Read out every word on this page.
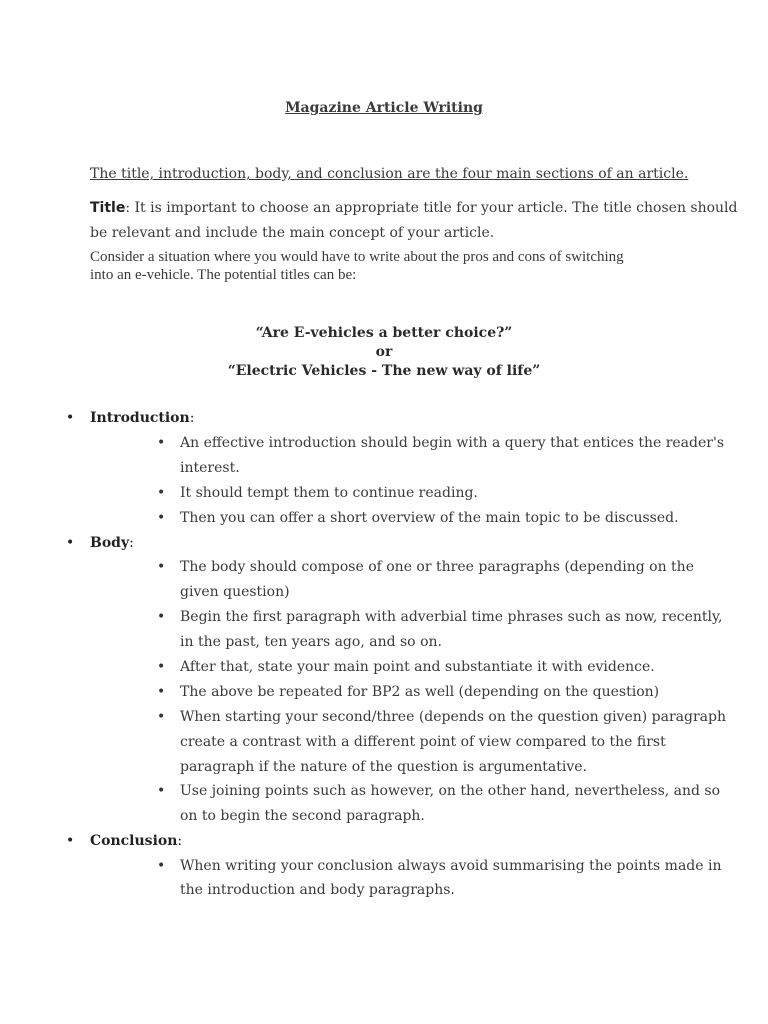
Magazine Article Writing
The title, introduction, body, and conclusion are the four main sections of an article.
Title: It is important to choose an appropriate title for your article. The title chosen should
be relevant and include the main concept of your article.
Consider a situation where you would have to write about the pros and cons of switching
into an e-vehicle. The potential titles can be:
“Are E-vehicles a better choice?”
or
“Electric Vehicles - The new way of life”
• Introduction:
• An effective introduction should begin with a query that entices the reader's
interest.
• It should tempt them to continue reading.
• Then you can offer a short overview of the main topic to be discussed.
• Body:
• The body should compose of one or three paragraphs (depending on the
given question)
• Begin the first paragraph with adverbial time phrases such as now, recently,
in the past, ten years ago, and so on.
• After that, state your main point and substantiate it with evidence.
• The above be repeated for BP2 as well (depending on the question)
• When starting your second/three (depends on the question given) paragraph
create a contrast with a different point of view compared to the first
paragraph if the nature of the question is argumentative.
• Use joining points such as however, on the other hand, nevertheless, and so
on to begin the second paragraph.
• Conclusion:
• When writing your conclusion always avoid summarising the points made in
the introduction and body paragraphs.
